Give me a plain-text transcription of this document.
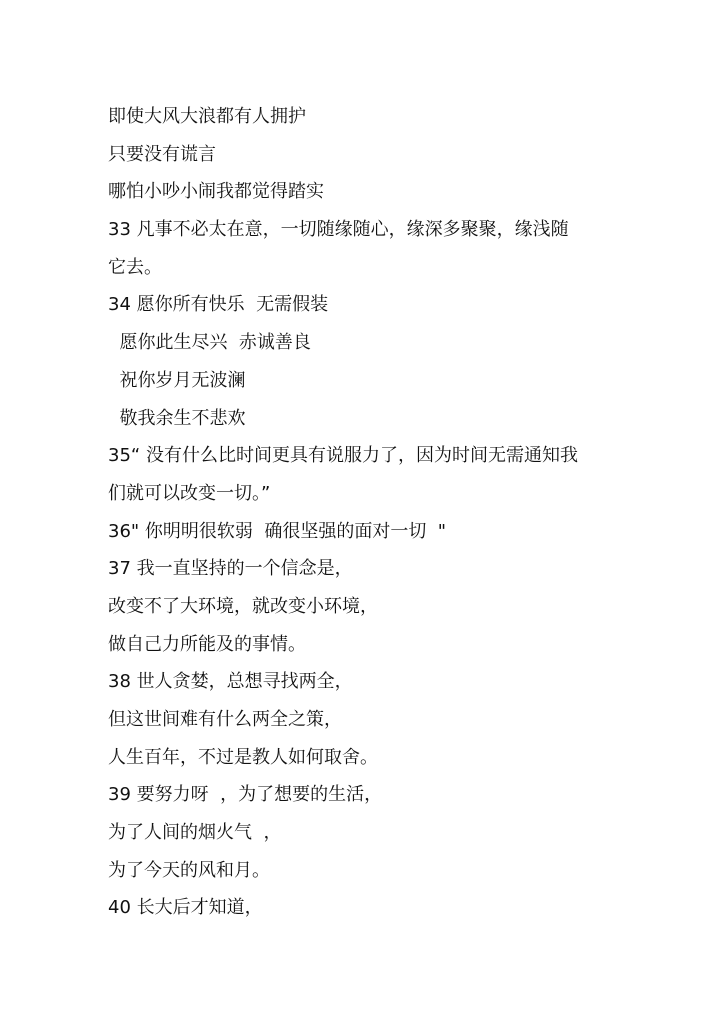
即使大风大浪都有人拥护
只要没有谎言
哪怕小吵小闹我都觉得踏实
33 凡事不必太在意，一切随缘随心，缘深多聚聚，缘浅随
它去。
34 愿你所有快乐  无需假装
愿你此生尽兴  赤诚善良
祝你岁月无波澜
敬我余生不悲欢
35“ 没有什么比时间更具有说服力了，因为时间无需通知我
们就可以改变一切。”
36" 你明明很软弱  确很坚强的面对一切  "
37 我一直坚持的一个信念是，
改变不了大环境，就改变小环境，
做自己力所能及的事情。
38 世人贪婪，总想寻找两全，
但这世间难有什么两全之策，
人生百年，不过是教人如何取舍。
39 要努力呀  ，为了想要的生活，
为了人间的烟火气  ，
为了今天的风和月。
40 长大后才知道，
